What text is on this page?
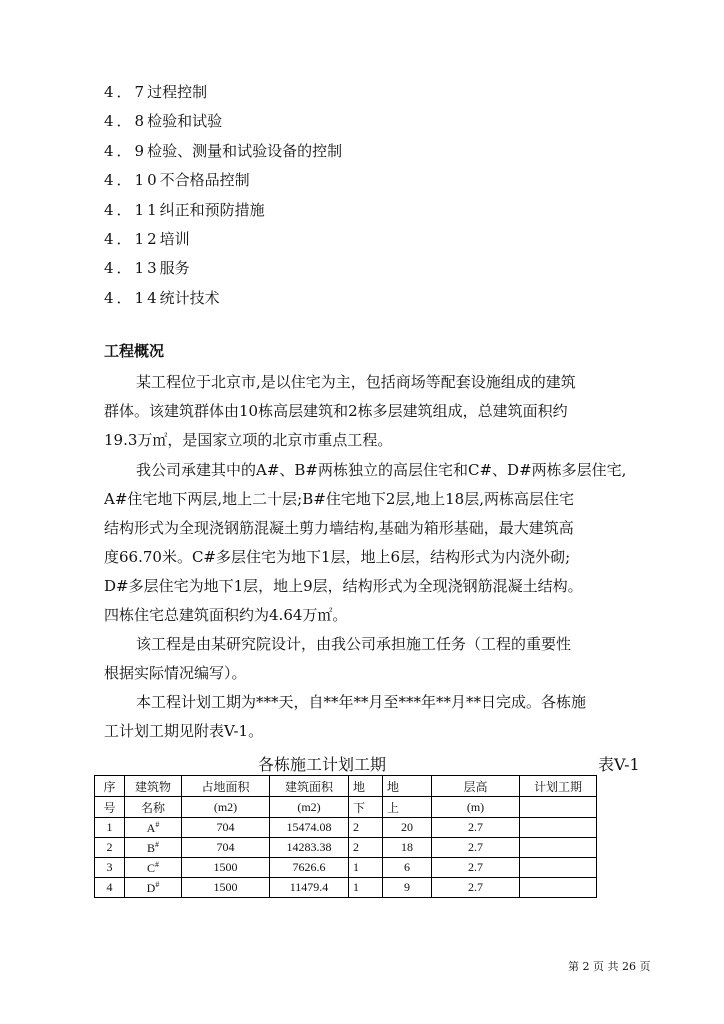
4．7过程控制
4．8检验和试验
4．9检验、测量和试验设备的控制
4．10不合格品控制
4．11纠正和预防措施
4．12培训
4．13服务
4．14统计技术
工程概况
某工程位于北京市,是以住宅为主，包括商场等配套设施组成的建筑
群体。该建筑群体由10栋高层建筑和2栋多层建筑组成，总建筑面积约
19.3万㎡，是国家立项的北京市重点工程。
我公司承建其中的A#、B#两栋独立的高层住宅和C#、D#两栋多层住宅,
A#住宅地下两层,地上二十层;B#住宅地下2层,地上18层,两栋高层住宅
结构形式为全现浇钢筋混凝土剪力墙结构,基础为箱形基础，最大建筑高
度66.70米。C#多层住宅为地下1层，地上6层，结构形式为内浇外砌;
D#多层住宅为地下1层，地上9层，结构形式为全现浇钢筋混凝土结构。
四栋住宅总建筑面积约为4.64万㎡。
该工程是由某研究院设计，由我公司承担施工任务（工程的重要性
根据实际情况编写）。
本工程计划工期为***天，自**年**月至***年**月**日完成。各栋施
工计划工期见附表V-1。
各栋施工计划工期	表V-1
序	建筑物	占地面积	建筑面积	地	地	层高	计划工期
号	名称	(m2)	(m2)	下	上	(m)	
1	A#	704	15474.08	2	20	2.7	
2	B#	704	14283.38	2	18	2.7	
3	C#	1500	7626.6	1	6	2.7	
4	D#	1500	11479.4	1	9	2.7	
第 2 页 共 26 页
